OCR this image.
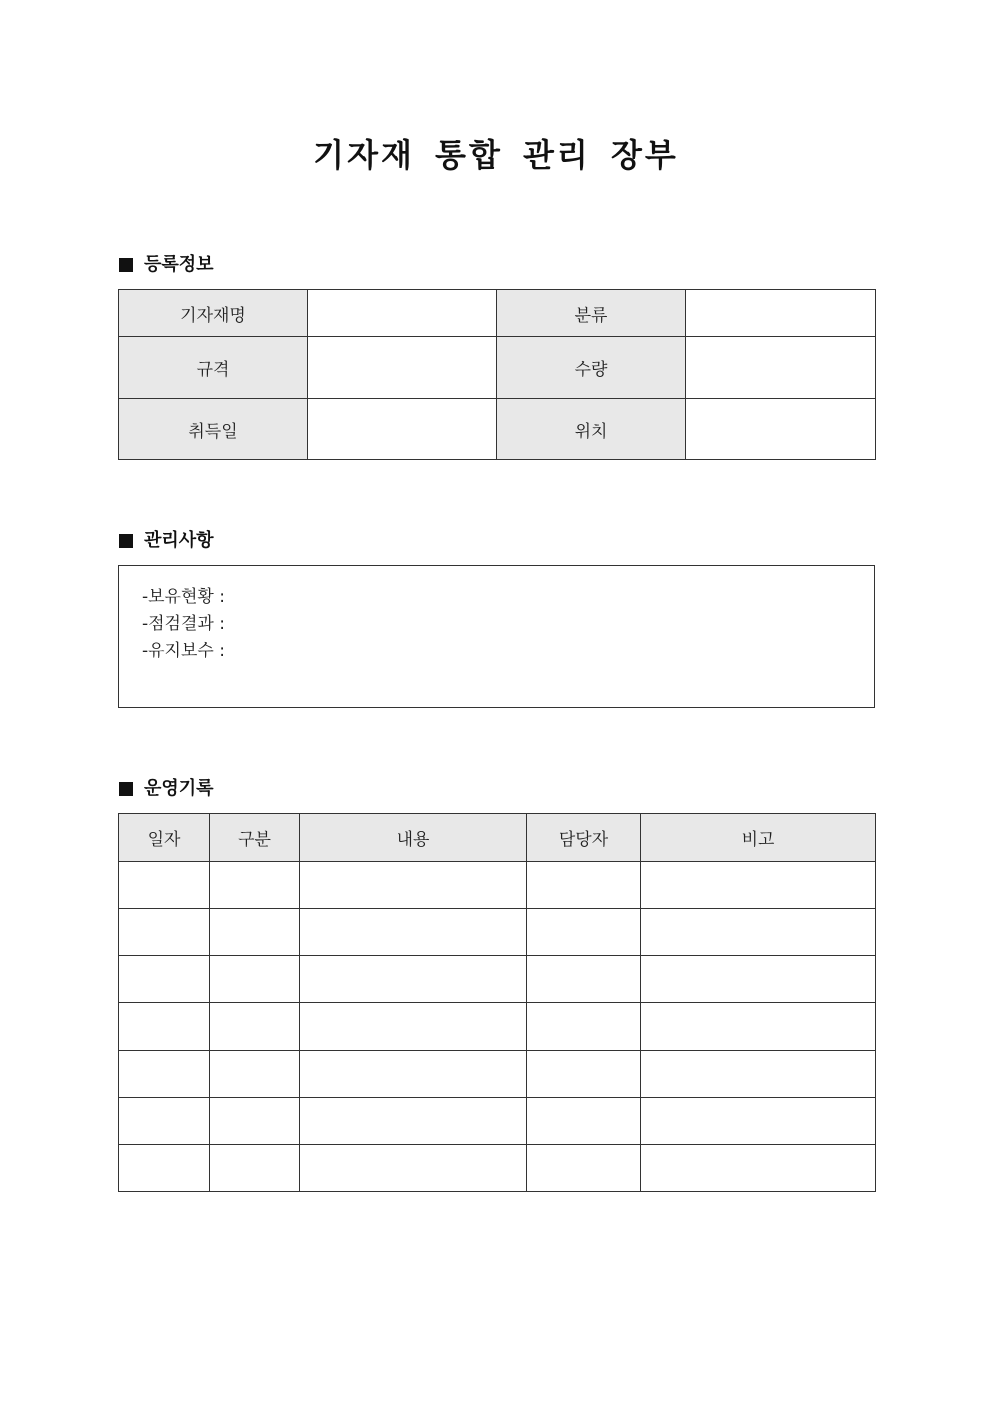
기자재 통합 관리 장부
등록정보
기자재명		분류	
규격		수량	
취득일		위치	
관리사항
-보유현황 :
-점검결과 :
-유지보수 :
운영기록
일자	구분	내용	담당자	비고
